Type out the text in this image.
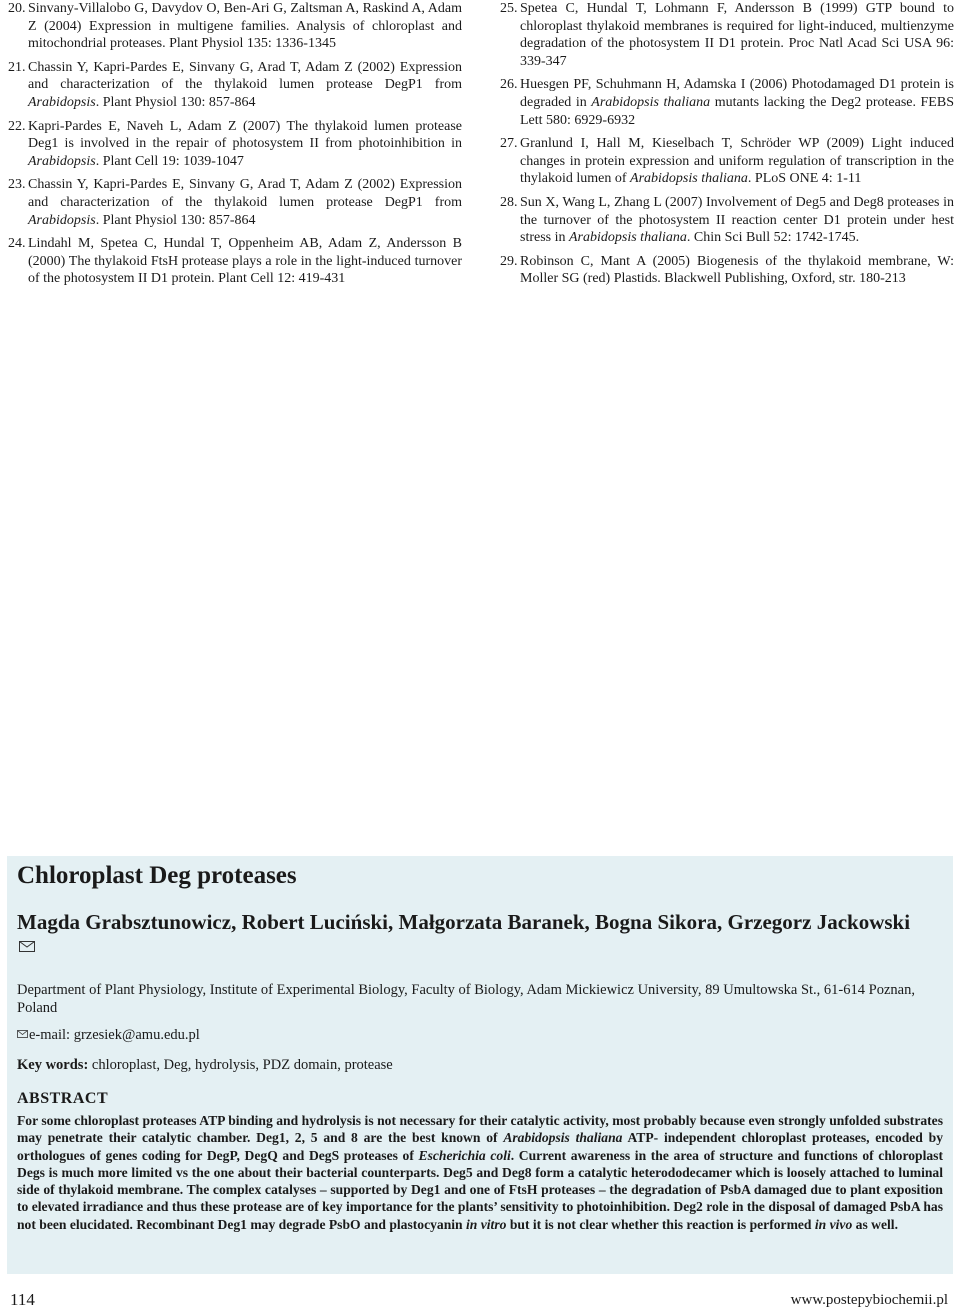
20. Sinvany-Villalobo G, Davydov O, Ben-Ari G, Zaltsman A, Raskind A, Adam Z (2004) Expression in multigene families. Analysis of chloroplast and mitochondrial proteases. Plant Physiol 135: 1336-1345
21. Chassin Y, Kapri-Pardes E, Sinvany G, Arad T, Adam Z (2002) Expression and characterization of the thylakoid lumen protease DegP1 from Arabidopsis. Plant Physiol 130: 857-864
22. Kapri-Pardes E, Naveh L, Adam Z (2007) The thylakoid lumen protease Deg1 is involved in the repair of photosystem II from photoinhibition in Arabidopsis. Plant Cell 19: 1039-1047
23. Chassin Y, Kapri-Pardes E, Sinvany G, Arad T, Adam Z (2002) Expression and characterization of the thylakoid lumen protease DegP1 from Arabidopsis. Plant Physiol 130: 857-864
24. Lindahl M, Spetea C, Hundal T, Oppenheim AB, Adam Z, Andersson B (2000) The thylakoid FtsH protease plays a role in the light-induced turnover of the photosystem II D1 protein. Plant Cell 12: 419-431
25. Spetea C, Hundal T, Lohmann F, Andersson B (1999) GTP bound to chloroplast thylakoid membranes is required for light-induced, multienzyme degradation of the photosystem II D1 protein. Proc Natl Acad Sci USA 96: 339-347
26. Huesgen PF, Schuhmann H, Adamska I (2006) Photodamaged D1 protein is degraded in Arabidopsis thaliana mutants lacking the Deg2 protease. FEBS Lett 580: 6929-6932
27. Granlund I, Hall M, Kieselbach T, Schröder WP (2009) Light induced changes in protein expression and uniform regulation of transcription in the thylakoid lumen of Arabidopsis thaliana. PLoS ONE 4: 1-11
28. Sun X, Wang L, Zhang L (2007) Involvement of Deg5 and Deg8 proteases in the turnover of the photosystem II reaction center D1 protein under hest stress in Arabidopsis thaliana. Chin Sci Bull 52: 1742-1745.
29. Robinson C, Mant A (2005) Biogenesis of the thylakoid membrane, W: Moller SG (red) Plastids. Blackwell Publishing, Oxford, str. 180-213
Chloroplast Deg proteases
Magda Grabsztunowicz, Robert Luciński, Małgorzata Baranek, Bogna Sikora, Grzegorz Jackowski
Department of Plant Physiology, Institute of Experimental Biology, Faculty of Biology, Adam Mickiewicz University, 89 Umultowska St., 61-614 Poznan, Poland
e-mail: grzesiek@amu.edu.pl
Key words: chloroplast, Deg, hydrolysis, PDZ domain, protease
ABSTRACT
For some chloroplast proteases ATP binding and hydrolysis is not necessary for their catalytic activity, most probably because even strongly unfolded substrates may penetrate their catalytic chamber. Deg1, 2, 5 and 8 are the best known of Arabidopsis thaliana ATP- independent chloroplast proteases, encoded by orthologues of genes coding for DegP, DegQ and DegS proteases of Escherichia coli. Current awareness in the area of structure and functions of chloroplast Degs is much more limited vs the one about their bacterial counterparts. Deg5 and Deg8 form a catalytic heterododecamer which is loosely attached to luminal side of thylakoid membrane. The complex catalyses – supported by Deg1 and one of FtsH proteases – the degradation of PsbA damaged due to plant exposition to elevated irradiance and thus these protease are of key importance for the plants’ sensitivity to photoinhibition. Deg2 role in the disposal of damaged PsbA has not been elucidated. Recombinant Deg1 may degrade PsbO and plastocyanin in vitro but it is not clear whether this reaction is performed in vivo as well.
114	www.postepybiochemii.pl
